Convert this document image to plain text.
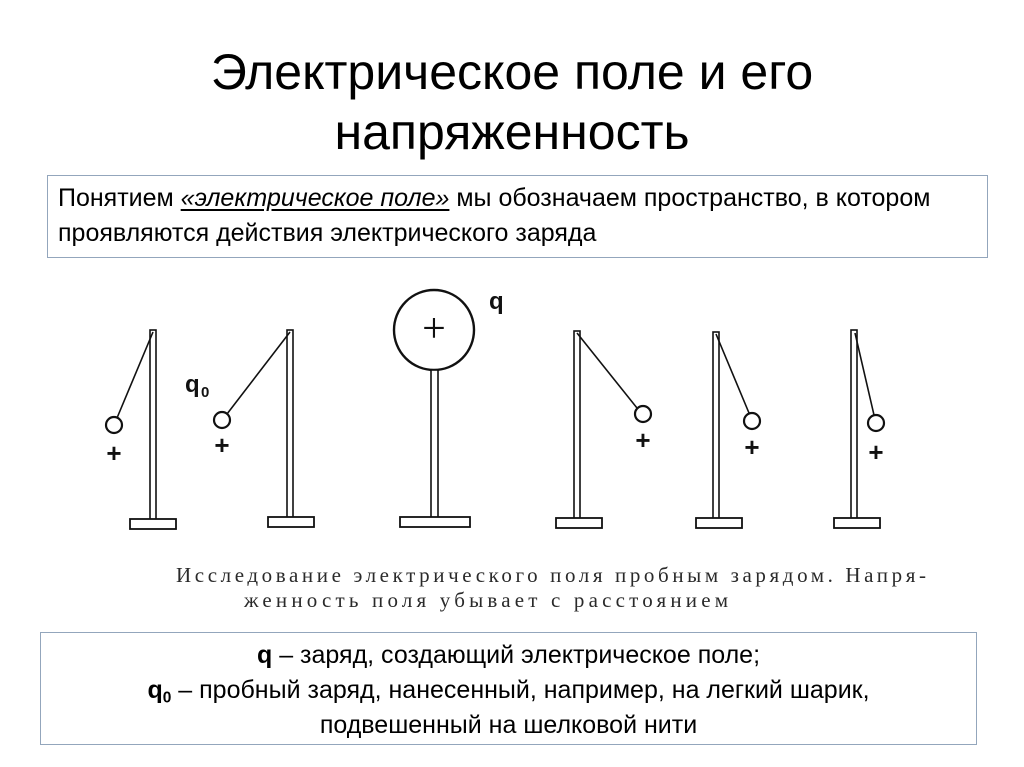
Электрическое поле и его
напряженность
Понятием «электрическое поле» мы обозначаем пространство, в котором
проявляются действия электрического заряда
+	+
q 0
+
q
+	+	+
Исследование электрического поля пробным зарядом. Напря-
женность поля убывает с расстоянием
q – заряд, создающий электрическое поле;
$q_0$ – пробный заряд, нанесенный, например, на легкий шарик,
подвешенный на шелковой нити
